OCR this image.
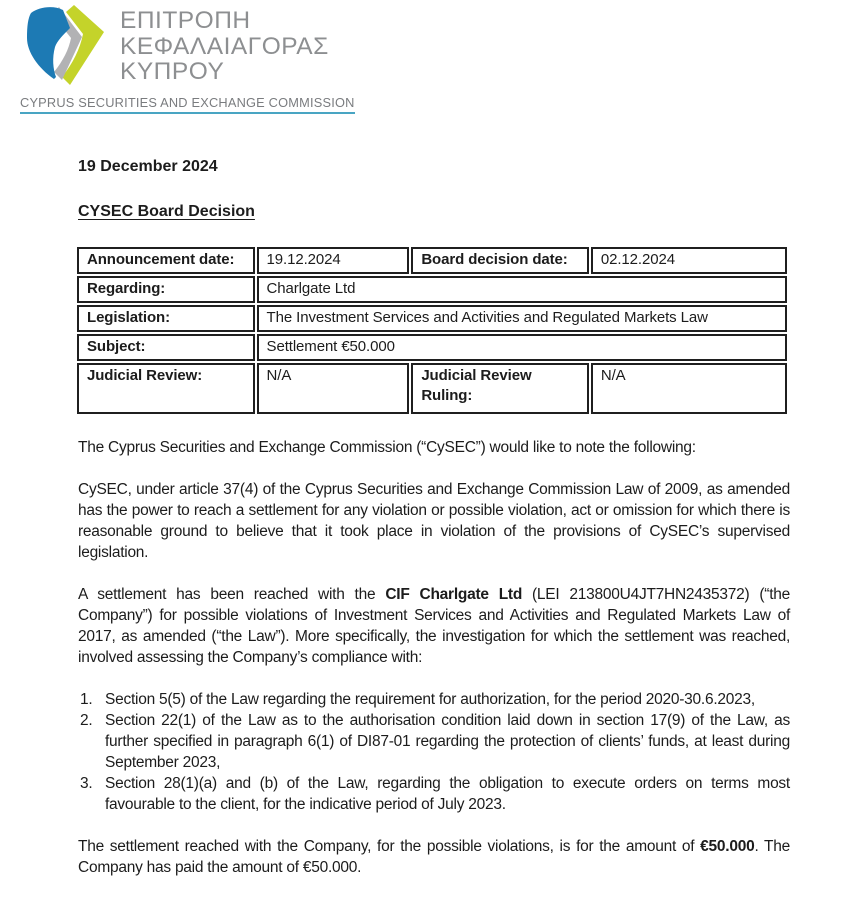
ΕΠΙΤΡΟΠΗ
ΚΕΦΑΛΑΙΑΓΟΡΑΣ
ΚΥΠΡΟΥ
CYPRUS SECURITIES AND EXCHANGE COMMISSION
19 December 2024
CYSEC Board Decision
Announcement date:	19.12.2024	Board decision date:	02.12.2024
Regarding:	Charlgate Ltd		
Legislation:	The Investment Services and Activities and Regulated Markets Law		
Subject:	Settlement €50.000		
Judicial Review:	N/A	Judicial Review Ruling:	N/A

The Cyprus Securities and Exchange Commission (“CySEC”) would like to note the following:

CySEC, under article 37(4) of the Cyprus Securities and Exchange Commission Law of 2009, as amended has the power to reach a settlement for any violation or possible violation, act or omission for which there is reasonable ground to believe that it took place in violation of the provisions of CySEC’s supervised legislation.

A settlement has been reached with the CIF Charlgate Ltd (LEI 213800U4JT7HN2435372) (“the Company”) for possible violations of Investment Services and Activities and Regulated Markets Law of 2017, as amended (“the Law”). More specifically, the investigation for which the settlement was reached, involved assessing the Company’s compliance with:

1. Section 5(5) of the Law regarding the requirement for authorization, for the period 2020-30.6.2023,
2. Section 22(1) of the Law as to the authorisation condition laid down in section 17(9) of the Law, as further specified in paragraph 6(1) of DI87-01 regarding the protection of clients’ funds, at least during September 2023,
3. Section 28(1)(a) and (b) of the Law, regarding the obligation to execute orders on terms most favourable to the client, for the indicative period of July 2023.

The settlement reached with the Company, for the possible violations, is for the amount of €50.000. The Company has paid the amount of €50.000.
